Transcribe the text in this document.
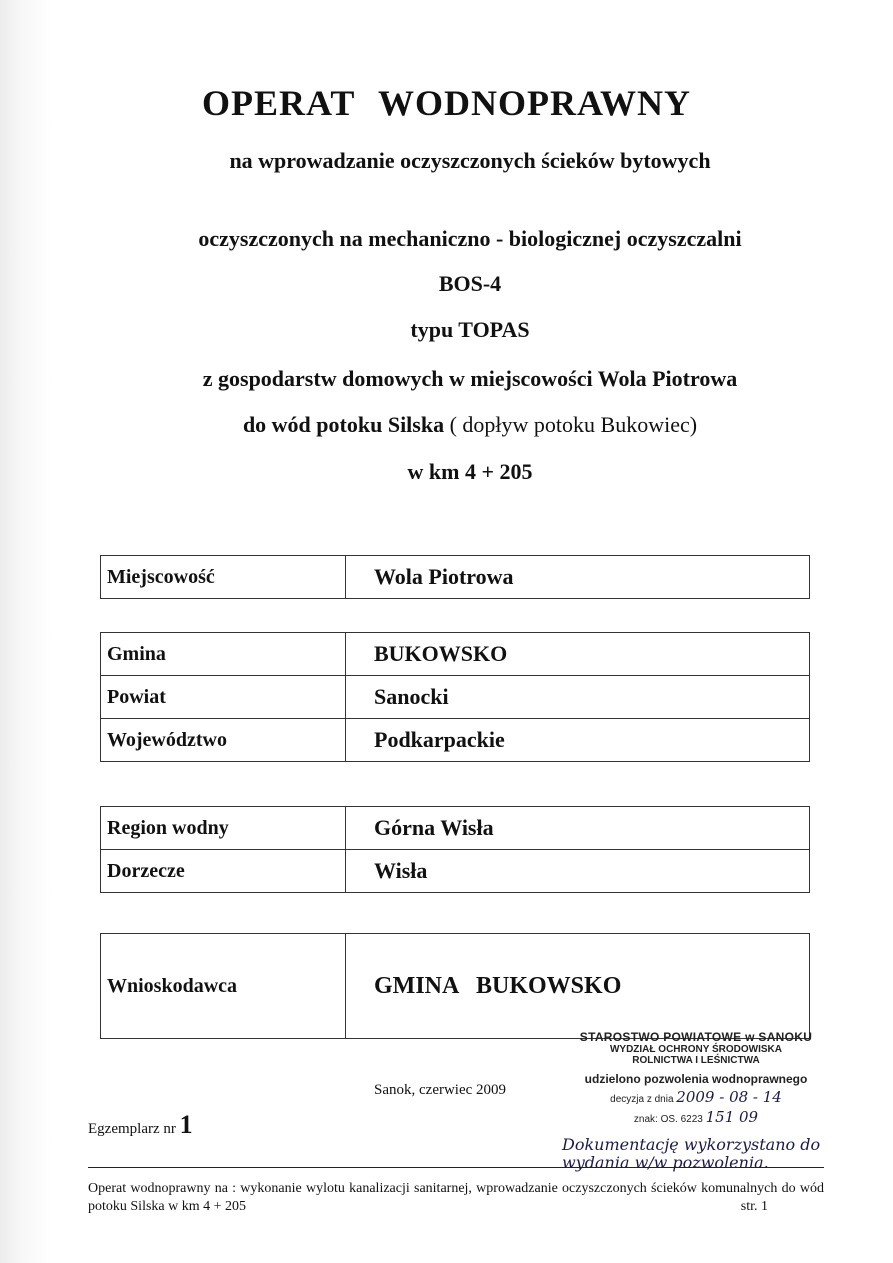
OPERAT WODNOPRAWNY
na wprowadzanie oczyszczonych ścieków bytowych
oczyszczonych na mechaniczno - biologicznej oczyszczalni
BOS-4
typu TOPAS
z gospodarstw domowych w miejscowości Wola Piotrowa
do wód potoku Silska ( dopływ potoku Bukowiec)
w km 4 + 205
Miejscowość	Wola Piotrowa
Gmina	BUKOWSKO
Powiat	Sanocki
Województwo	Podkarpackie
Region wodny	Górna Wisła
Dorzecze	Wisła
Wnioskodawca	GMINA   BUKOWSKO
Sanok, czerwiec 2009
Egzemplarz nr 1
STAROSTWO POWIATOWE w SANOKU
WYDZIAŁ OCHRONY ŚRODOWISKA
ROLNICTWA I LEŚNICTWA
udzielono pozwolenia wodnoprawnego
decyzja z dnia 2009 - 08 - 14
znak: OS. 6223 151 09
Dokumentację wykorzystano do
wydania w/w pozwolenia.
Operat wodnoprawny na : wykonanie wylotu kanalizacji sanitarnej, wprowadzanie oczyszczonych ścieków komunalnych do wód potoku Silska w km 4 + 205	str. 1
